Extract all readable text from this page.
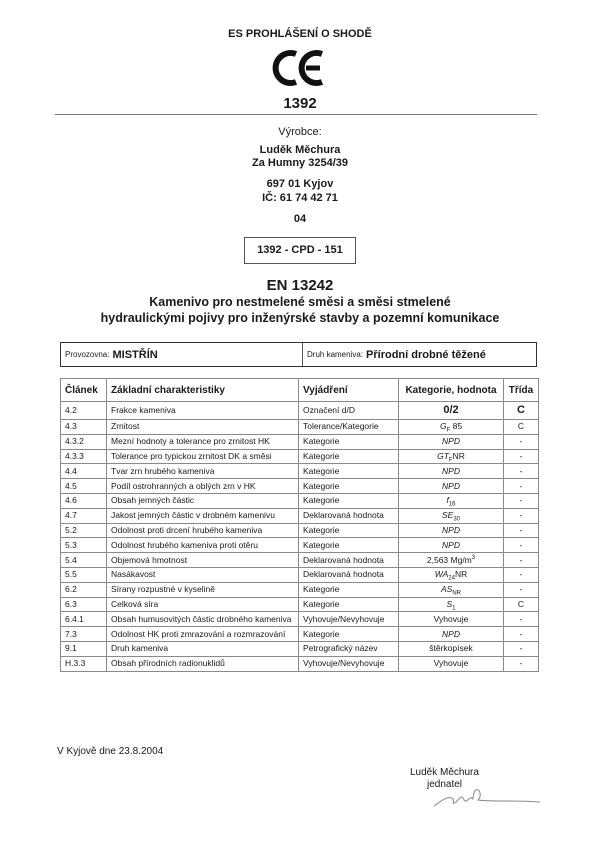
ES PROHLÁŠENÍ O SHODĚ
1392
Výrobce:
Luděk Měchura
Za Humny 3254/39
697 01 Kyjov
IČ: 61 74 42 71
04
1392 - CPD - 151
EN 13242
Kamenivo pro nestmelené směsi a směsi stmelené
hydraulickými pojivy pro inženýrské stavby a pozemní komunikace
Provozovna: MISTŘÍN	Druh kameniva: Přírodní drobné těžené
Článek	Základní charakteristiky	Vyjádření	Kategorie, hodnota	Třída
4.2	Frakce kameniva	Označení d/D	0/2	C
4.3	Zrnitost	Tolerance/Kategorie	$G_F$ 85	C
4.3.2	Mezní hodnoty a tolerance pro zrnitost HK	Kategorie	NPD	-
4.3.3	Tolerance pro typickou zrnitost DK a směsi	Kategorie	$GT_FNR$	-
4.4	Tvar zrn hrubého kameniva	Kategorie	NPD	-
4.5	Podíl ostrohranných a oblých zrn v HK	Kategorie	NPD	-
4.6	Obsah jemných částic	Kategorie	$f_{16}$	-
4.7	Jakost jemných částic v drobném kamenivu	Deklarovaná hodnota	$SE_{30}$	-
5.2	Odolnost proti drcení hrubého kameniva	Kategorie	NPD	-
5.3	Odolnost hrubého kameniva proti otěru	Kategorie	NPD	-
5.4	Objemová hmotnost	Deklarovaná hodnota	2,563 $Mg/m^3$	-
5.5	Nasákavost	Deklarovaná hodnota	$WA_{24}NR$	-
6.2	Sírany rozpustné v kyselině	Kategorie	$AS_{NR}$	-
6.3	Celková síra	Kategorie	$S_1$	C
6.4.1	Obsah humusovitých částic drobného kameniva	Vyhovuje/Nevyhovuje	Vyhovuje	-
7.3	Odolnost HK proti zmrazování a rozmrazování	Kategorie	NPD	-
9.1	Druh kameniva	Petrografický název	štěrkopísek	-
H.3.3	Obsah přírodních radionuklidů	Vyhovuje/Nevyhovuje	Vyhovuje	-
V Kyjově dne 23.8.2004
Luděk Měchura
jednatel
